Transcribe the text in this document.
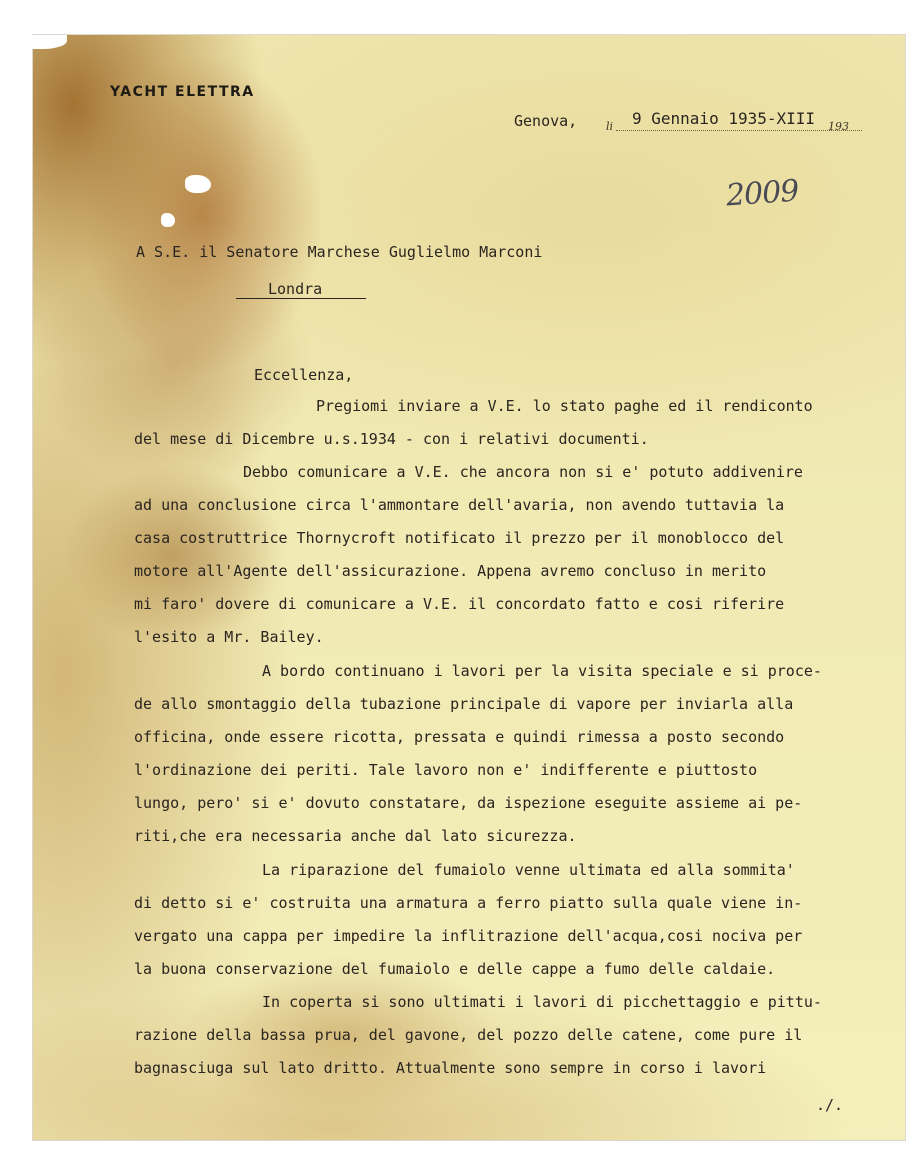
YACHT ELETTRA
Genova,	li 9 Gennaio 1935-XIII 193
2009
A S.E. il Senatore Marchese Guglielmo Marconi
Londra
Eccellenza,
Pregiomi inviare a V.E. lo stato paghe ed il rendiconto
del mese di Dicembre u.s.1934 - con i relativi documenti.
Debbo comunicare a V.E. che ancora non si e' potuto addivenire
ad una conclusione circa l'ammontare dell'avaria, non avendo tuttavia la
casa costruttrice Thornycroft notificato il prezzo per il monoblocco del
motore all'Agente dell'assicurazione. Appena avremo concluso in merito
mi faro' dovere di comunicare a V.E. il concordato fatto e cosi riferire
l'esito a Mr. Bailey.
A bordo continuano i lavori per la visita speciale e si proce-
de allo smontaggio della tubazione principale di vapore per inviarla alla
officina, onde essere ricotta, pressata e quindi rimessa a posto secondo
l'ordinazione dei periti. Tale lavoro non e' indifferente e piuttosto
lungo, pero' si e' dovuto constatare, da ispezione eseguite assieme ai pe-
riti,che era necessaria anche dal lato sicurezza.
La riparazione del fumaiolo venne ultimata ed alla sommita'
di detto si e' costruita una armatura a ferro piatto sulla quale viene in-
vergato una cappa per impedire la inflitrazione dell'acqua,cosi nociva per
la buona conservazione del fumaiolo e delle cappe a fumo delle caldaie.
In coperta si sono ultimati i lavori di picchettaggio e pittu-
razione della bassa prua, del gavone, del pozzo delle catene, come pure il
bagnasciuga sul lato dritto. Attualmente sono sempre in corso i lavori
./.
